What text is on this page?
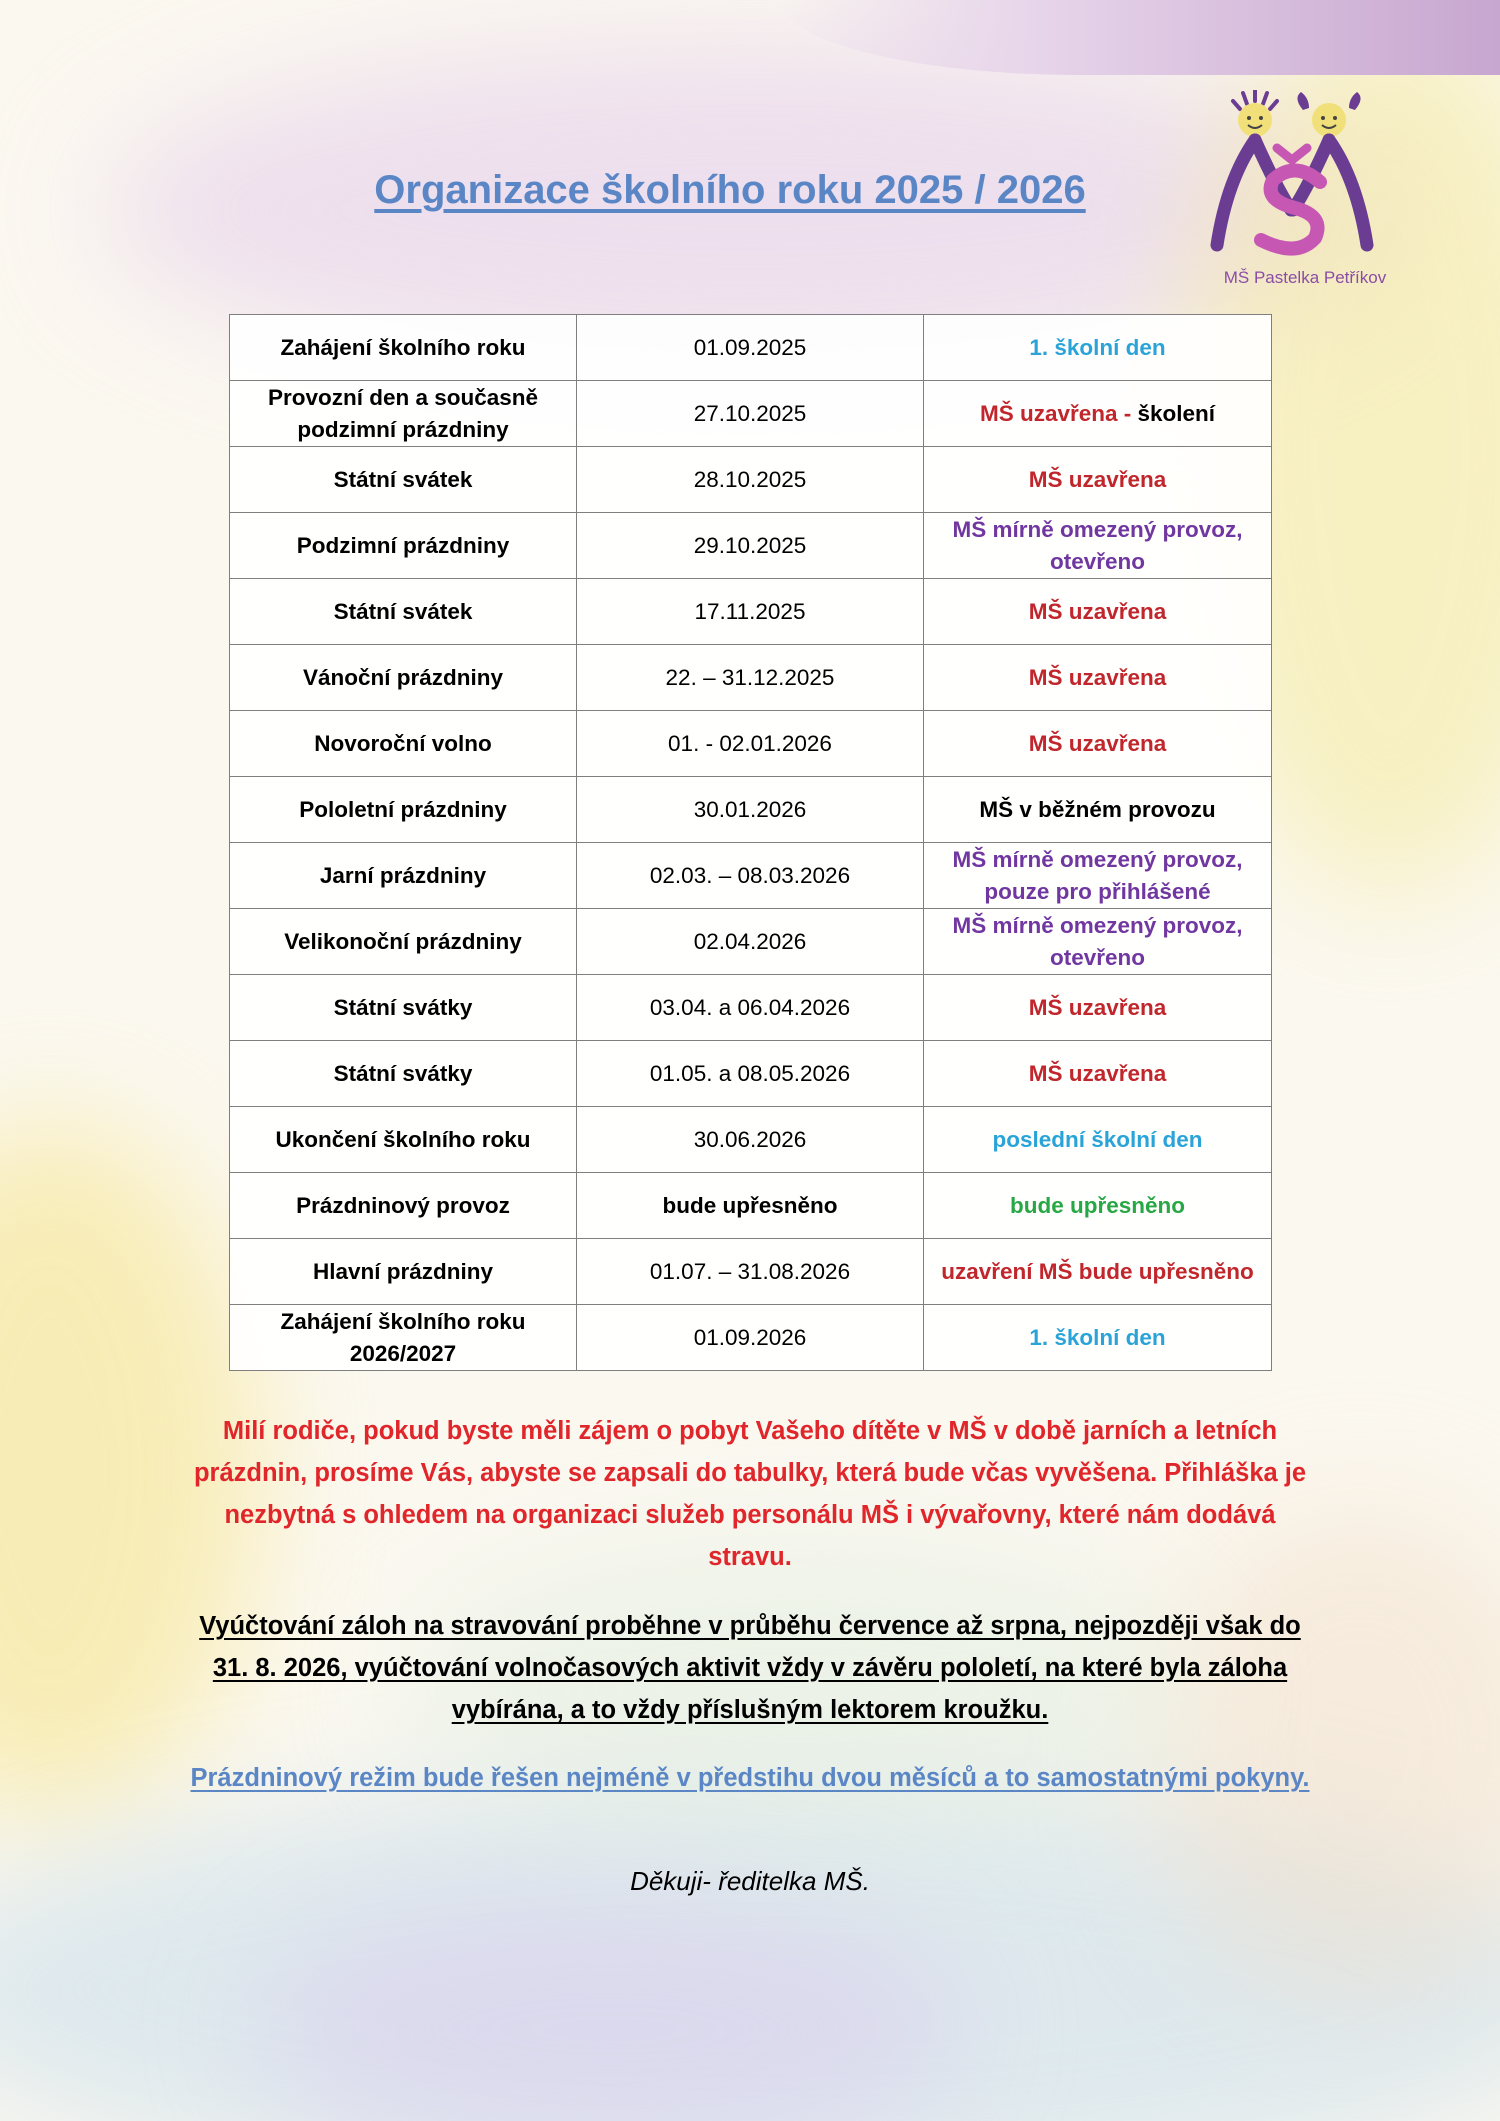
Organizace školního roku 2025 / 2026
MŠ Pastelka Petříkov
Zahájení školního roku	01.09.2025	1. školní den
Provozní den a současně podzimní prázdniny	27.10.2025	MŠ uzavřena - školení
Státní svátek	28.10.2025	MŠ uzavřena
Podzimní prázdniny	29.10.2025	MŠ mírně omezený provoz, otevřeno
Státní svátek	17.11.2025	MŠ uzavřena
Vánoční prázdniny	22. – 31.12.2025	MŠ uzavřena
Novoroční volno	01. - 02.01.2026	MŠ uzavřena
Pololetní prázdniny	30.01.2026	MŠ v běžném provozu
Jarní prázdniny	02.03. – 08.03.2026	MŠ mírně omezený provoz, pouze pro přihlášené
Velikonoční prázdniny	02.04.2026	MŠ mírně omezený provoz, otevřeno
Státní svátky	03.04. a 06.04.2026	MŠ uzavřena
Státní svátky	01.05. a 08.05.2026	MŠ uzavřena
Ukončení školního roku	30.06.2026	poslední školní den
Prázdninový provoz	bude upřesněno	bude upřesněno
Hlavní prázdniny	01.07. – 31.08.2026	uzavření MŠ bude upřesněno
Zahájení školního roku 2026/2027	01.09.2026	1. školní den

Milí rodiče, pokud byste měli zájem o pobyt Vašeho dítěte v MŠ v době jarních a letních prázdnin, prosíme Vás, abyste se zapsali do tabulky, která bude včas vyvěšena. Přihláška je nezbytná s ohledem na organizaci služeb personálu MŠ i vývařovny, které nám dodává stravu.

Vyúčtování záloh na stravování proběhne v průběhu července až srpna, nejpozději však do 31. 8. 2026, vyúčtování volnočasových aktivit vždy v závěru pololetí, na které byla záloha vybírána, a to vždy příslušným lektorem kroužku.

Prázdninový režim bude řešen nejméně v předstihu dvou měsíců a to samostatnými pokyny.

Děkuji- ředitelka MŠ.
